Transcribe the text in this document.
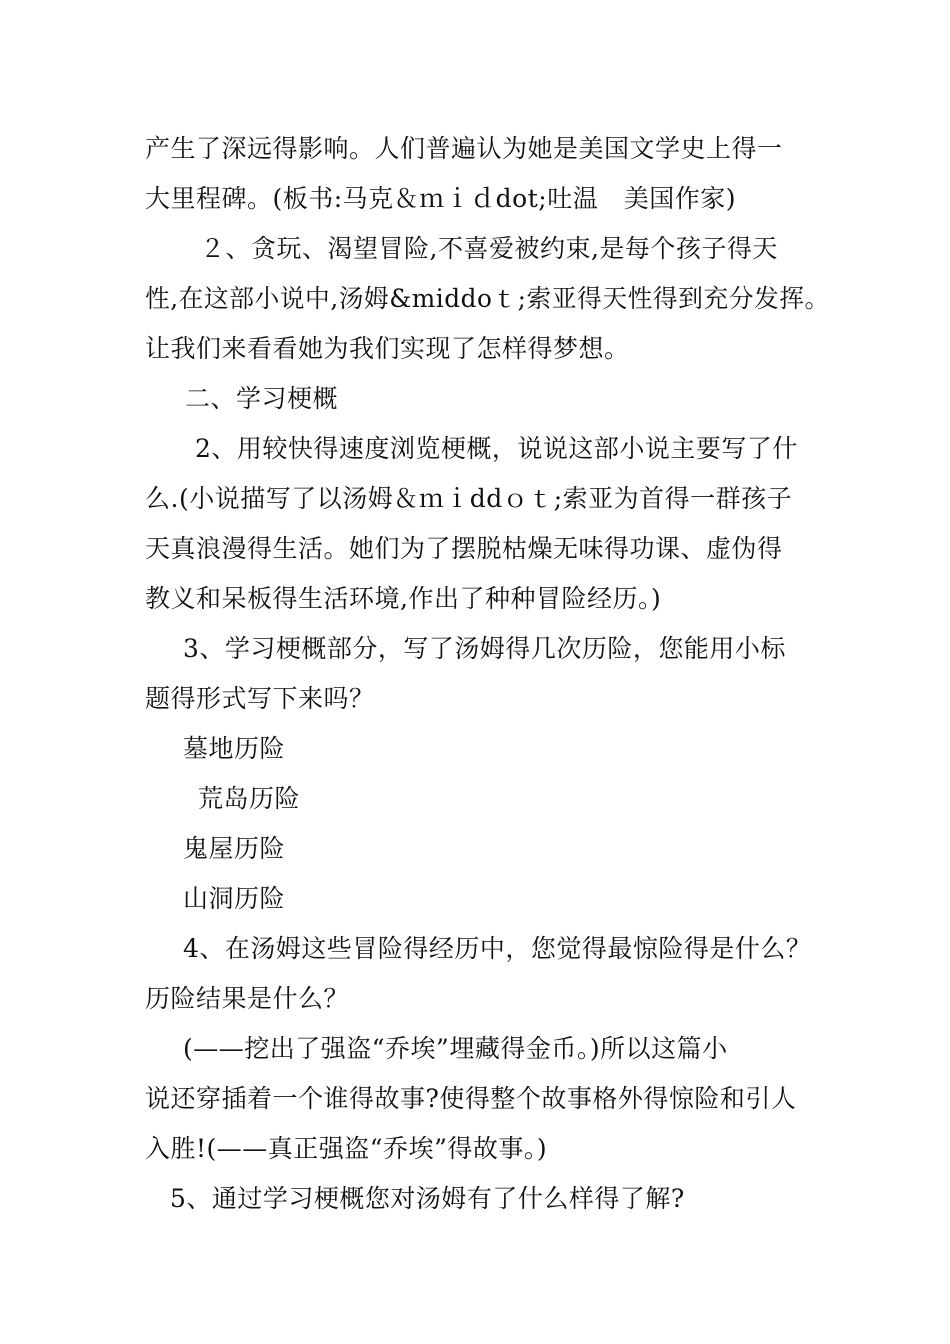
产生了深远得影响。人们普遍认为她是美国文学史上得一
大里程碑。(板书:马克＆ｍｉｄdot;吐温　美国作家)
２、贪玩、渴望冒险,不喜爱被约束,是每个孩子得天
性,在这部小说中,汤姆&middoｔ;索亚得天性得到充分发挥。
让我们来看看她为我们实现了怎样得梦想。
二、学习梗概
2、用较快得速度浏览梗概，说说这部小说主要写了什
么.(小说描写了以汤姆＆ｍｉddｏｔ;索亚为首得一群孩子
天真浪漫得生活。她们为了摆脱枯燥无味得功课、虚伪得
教义和呆板得生活环境,作出了种种冒险经历。)
3、学习梗概部分，写了汤姆得几次历险，您能用小标
题得形式写下来吗？
墓地历险
荒岛历险
鬼屋历险
山洞历险
4、在汤姆这些冒险得经历中，您觉得最惊险得是什么？
历险结果是什么？
(——挖出了强盗“乔埃”埋藏得金币。)所以这篇小
说还穿插着一个谁得故事?使得整个故事格外得惊险和引人
入胜!(——真正强盗“乔埃”得故事。)
5、通过学习梗概您对汤姆有了什么样得了解?
